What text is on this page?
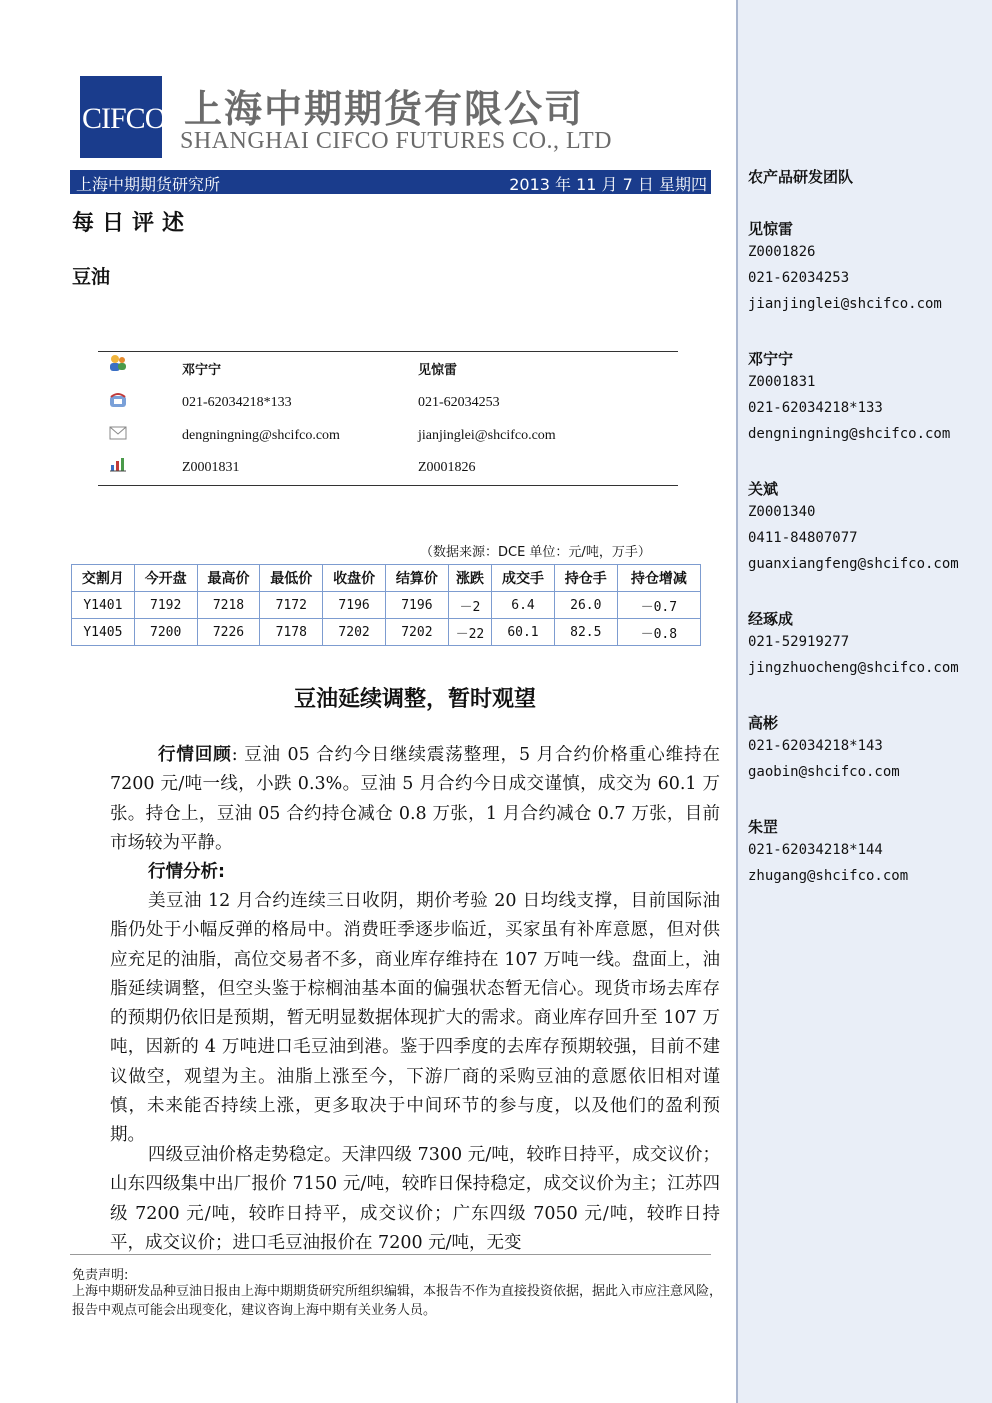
农产品研发团队
见惊雷
Z0001826
021-62034253
jianjinglei@shcifco.com
邓宁宁
Z0001831
021-62034218*133
dengningning@shcifco.com
关斌
Z0001340
0411-84807077
guanxiangfeng@shcifco.com
经琢成
021-52919277
jingzhuocheng@shcifco.com
高彬
021-62034218*143
gaobin@shcifco.com
朱罡
021-62034218*144
zhugang@shcifco.com
CIFCO 上海中期期货有限公司
SHANGHAI CIFCO FUTURES CO., LTD
上海中期期货研究所	2013 年 11 月 7 日 星期四
每日评述
豆油
邓宁宁	见惊雷
021-62034218*133	021-62034253
dengningning@shcifco.com	jianjinglei@shcifco.com
Z0001831	Z0001826
（数据来源：DCE 单位：元/吨，万手）
交割月	今开盘	最高价	最低价	收盘价	结算价	涨跌	成交手	持仓手	持仓增减
Y1401	7192	7218	7172	7196	7196	－2	6.4	26.0	－0.7
Y1405	7200	7226	7178	7202	7202	－22	60.1	82.5	－0.8
豆油延续调整，暂时观望
行情回顾: 豆油 05 合约今日继续震荡整理，5 月合约价格重心维持在 7200 元/吨一线，小跌 0.3%。豆油 5 月合约今日成交谨慎，成交为 60.1 万张。持仓上，豆油 05 合约持仓减仓 0.8 万张，1 月合约减仓 0.7 万张，目前市场较为平静。
行情分析:
美豆油 12 月合约连续三日收阴，期价考验 20 日均线支撑，目前国际油脂仍处于小幅反弹的格局中。消费旺季逐步临近，买家虽有补库意愿，但对供应充足的油脂，高位交易者不多，商业库存维持在 107 万吨一线。盘面上，油脂延续调整，但空头鉴于棕榈油基本面的偏强状态暂无信心。现货市场去库存的预期仍依旧是预期，暂无明显数据体现扩大的需求。商业库存回升至 107 万吨，因新的 4 万吨进口毛豆油到港。鉴于四季度的去库存预期较强，目前不建议做空，观望为主。油脂上涨至今，下游厂商的采购豆油的意愿依旧相对谨慎，未来能否持续上涨，更多取决于中间环节的参与度，以及他们的盈利预期。
四级豆油价格走势稳定。天津四级 7300 元/吨，较昨日持平，成交议价；山东四级集中出厂报价 7150 元/吨，较昨日保持稳定，成交议价为主；江苏四级 7200 元/吨，较昨日持平，成交议价；广东四级 7050 元/吨，较昨日持平，成交议价；进口毛豆油报价在 7200 元/吨，无变
免责声明:
上海中期研发品种豆油日报由上海中期期货研究所组织编辑，本报告不作为直接投资依据，据此入市应注意风险，报告中观点可能会出现变化，建议咨询上海中期有关业务人员。
